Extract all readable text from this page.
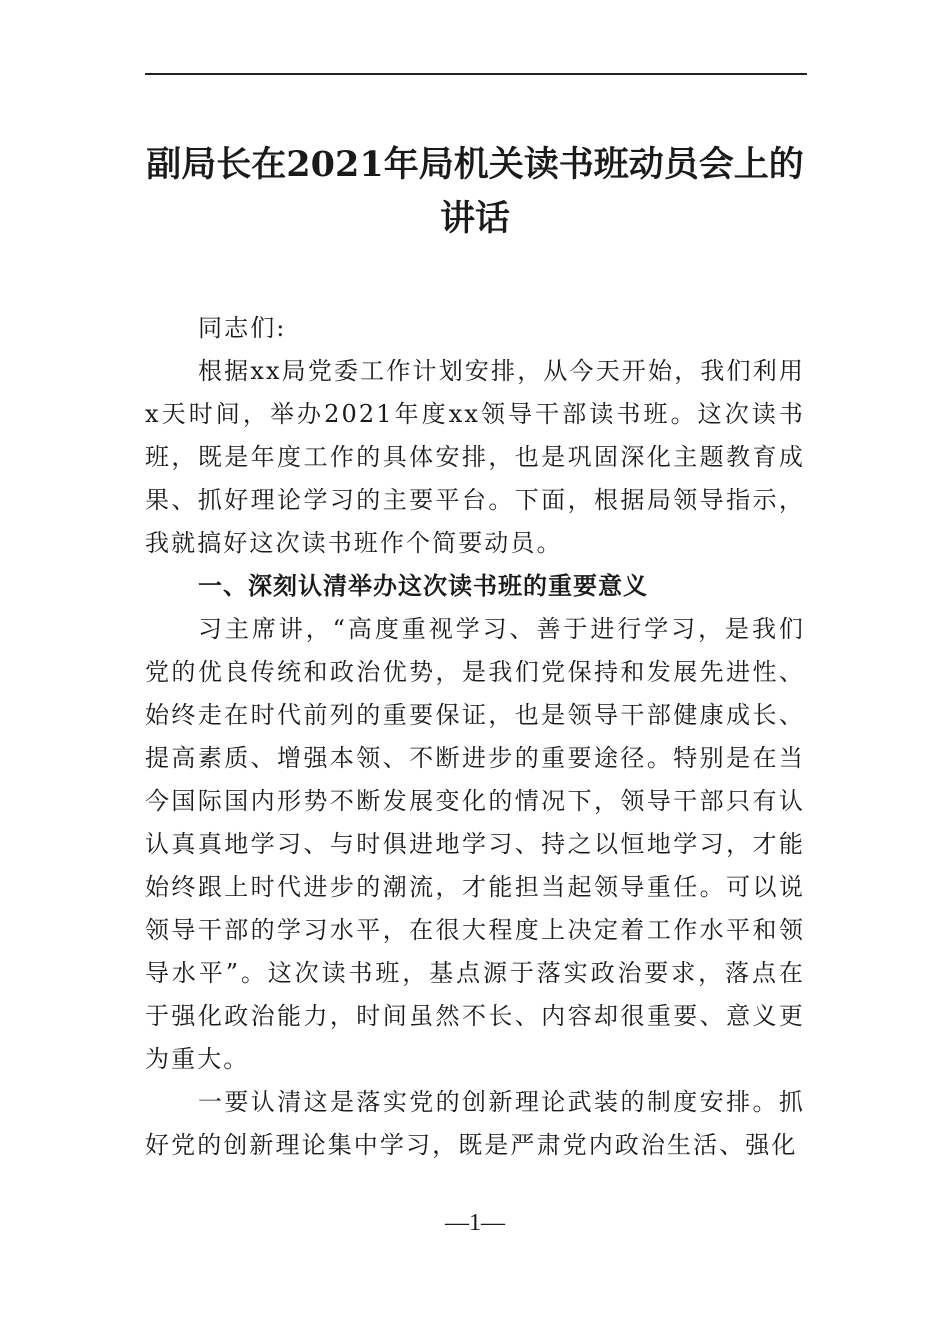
副局长在2021年局机关读书班动员会上的
讲话

同志们:

根据xx局党委工作计划安排，从今天开始，我们利用x天时间，举办2021年度xx领导干部读书班。这次读书班，既是年度工作的具体安排，也是巩固深化主题教育成果、抓好理论学习的主要平台。下面，根据局领导指示，我就搞好这次读书班作个简要动员。

一、深刻认清举办这次读书班的重要意义

习主席讲，“高度重视学习、善于进行学习，是我们党的优良传统和政治优势，是我们党保持和发展先进性、始终走在时代前列的重要保证，也是领导干部健康成长、提高素质、增强本领、不断进步的重要途径。特别是在当今国际国内形势不断发展变化的情况下，领导干部只有认认真真地学习、与时俱进地学习、持之以恒地学习，才能始终跟上时代进步的潮流，才能担当起领导重任。可以说领导干部的学习水平，在很大程度上决定着工作水平和领导水平”。这次读书班，基点源于落实政治要求，落点在于强化政治能力，时间虽然不长、内容却很重要、意义更为重大。

一要认清这是落实党的创新理论武装的制度安排。抓好党的创新理论集中学习，既是严肃党内政治生活、强化

—1—
